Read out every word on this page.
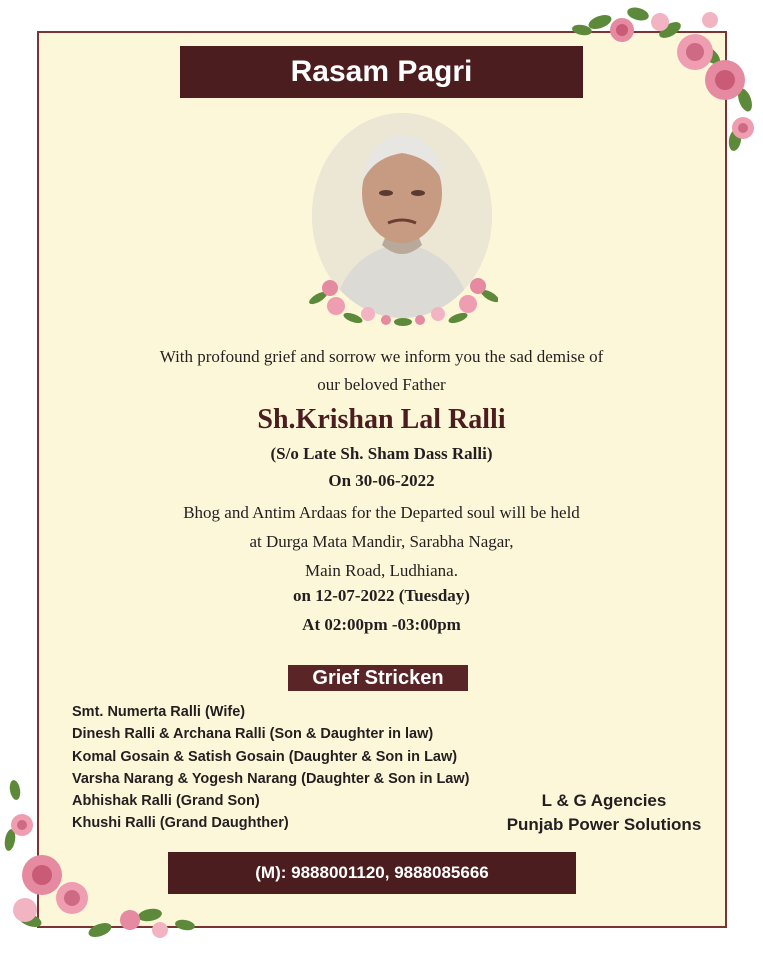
Rasam Pagri
With profound grief and sorrow we inform you the sad demise of
our beloved Father
Sh.Krishan Lal Ralli
(S/o Late Sh. Sham Dass Ralli)
On 30-06-2022
Bhog and Antim Ardaas for the Departed soul will be held
at Durga Mata Mandir, Sarabha Nagar,
Main Road, Ludhiana.
on 12-07-2022 (Tuesday)
At 02:00pm -03:00pm
Grief Stricken
Smt. Numerta Ralli (Wife)
Dinesh Ralli & Archana Ralli (Son & Daughter in law)
Komal Gosain & Satish Gosain (Daughter & Son in Law)
Varsha Narang & Yogesh Narang (Daughter & Son in Law)
Abhishak Ralli (Grand Son)
Khushi Ralli (Grand Daughther)
L & G Agencies
Punjab Power Solutions
(M): 9888001120, 9888085666
